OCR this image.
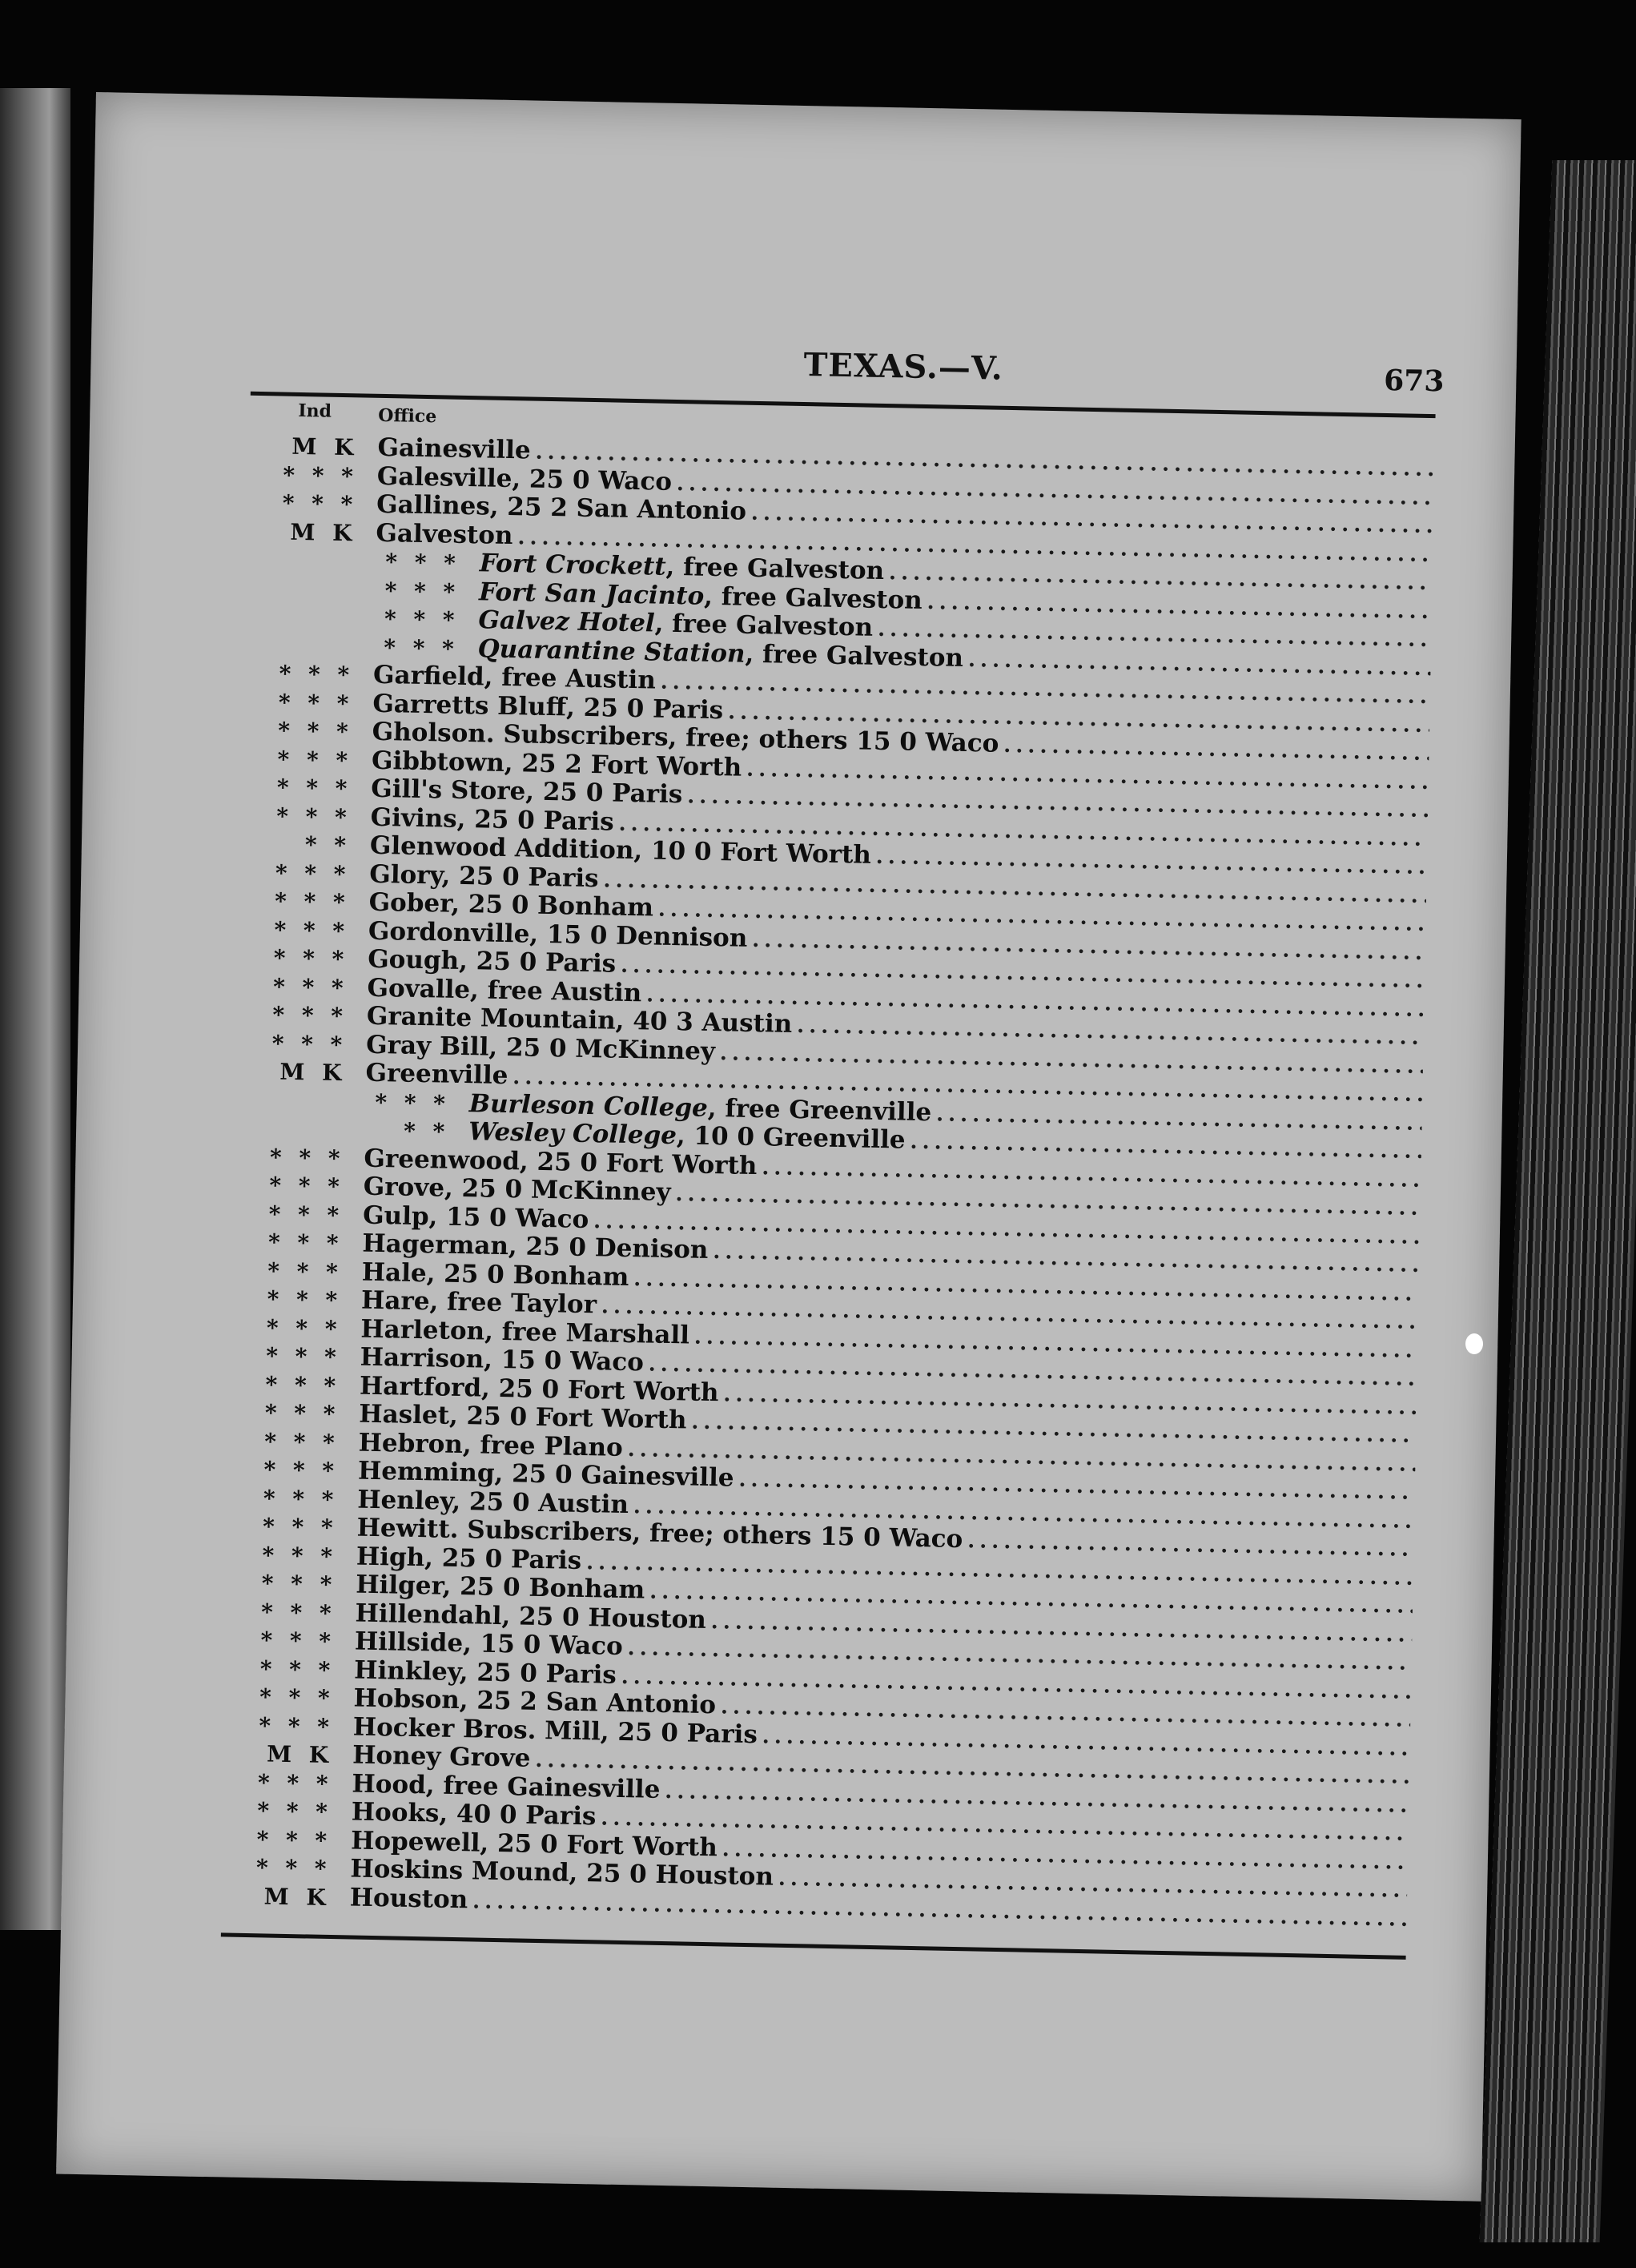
TEXAS.—V.	673
Ind	Office
M K Gainesville
.....
* * * Galesville, 25 0 Waco
.....
* * * Gallines, 25 2 San Antonio
.....
M K Galveston
.....
* * * Fort Crockett, free Galveston
.....
* * * Fort San Jacinto, free Galveston
.....
* * * Galvez Hotel, free Galveston
.....
* * * Quarantine Station, free Galveston
.....
* * * Garfield, free Austin
.....
* * * Garretts Bluff, 25 0 Paris
.....
* * * Gholson. Subscribers, free; others 15 0 Waco
.....
* * * Gibbtown, 25 2 Fort Worth
.....
* * * Gill's Store, 25 0 Paris
.....
* * * Givins, 25 0 Paris
.....
* * Glenwood Addition, 10 0 Fort Worth
.....
* * * Glory, 25 0 Paris
.....
* * * Gober, 25 0 Bonham
.....
* * * Gordonville, 15 0 Dennison
.....
* * * Gough, 25 0 Paris
.....
* * * Govalle, free Austin
.....
* * * Granite Mountain, 40 3 Austin
.....
* * * Gray Bill, 25 0 McKinney
.....
M K Greenville
.....
* * * Burleson College, free Greenville
.....
* * Wesley College, 10 0 Greenville
.....
* * * Greenwood, 25 0 Fort Worth
.....
* * * Grove, 25 0 McKinney
.....
* * * Gulp, 15 0 Waco
.....
* * * Hagerman, 25 0 Denison
.....
* * * Hale, 25 0 Bonham
.....
* * * Hare, free Taylor
.....
* * * Harleton, free Marshall
.....
* * * Harrison, 15 0 Waco
.....
* * * Hartford, 25 0 Fort Worth
.....
* * * Haslet, 25 0 Fort Worth
.....
* * * Hebron, free Plano
.....
* * * Hemming, 25 0 Gainesville
.....
* * * Henley, 25 0 Austin
.....
* * * Hewitt. Subscribers, free; others 15 0 Waco
.....
* * * High, 25 0 Paris
.....
* * * Hilger, 25 0 Bonham
.....
* * * Hillendahl, 25 0 Houston
.....
* * * Hillside, 15 0 Waco
.....
* * * Hinkley, 25 0 Paris
.....
* * * Hobson, 25 2 San Antonio
.....
* * * Hocker Bros. Mill, 25 0 Paris
.....
M K Honey Grove
.....
* * * Hood, free Gainesville
.....
* * * Hooks, 40 0 Paris
.....
* * * Hopewell, 25 0 Fort Worth
.....
* * * Hoskins Mound, 25 0 Houston
.....
M K Houston
.....
